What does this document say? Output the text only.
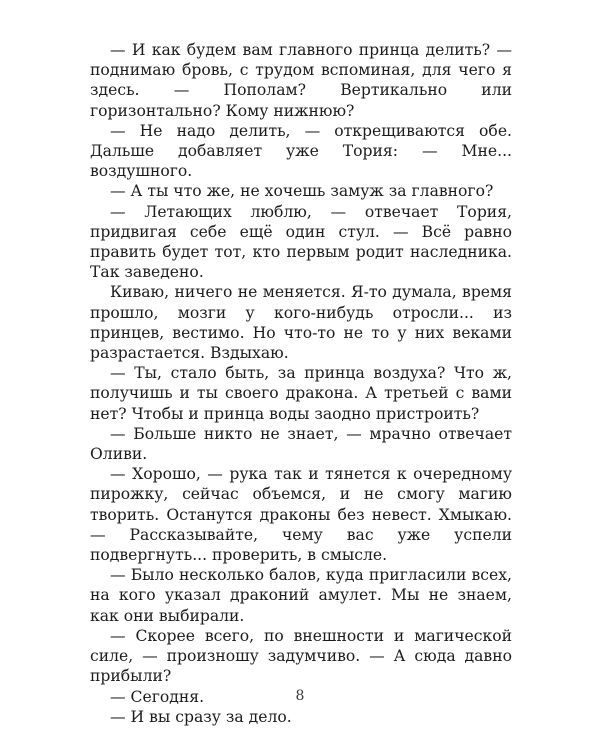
— И как будем вам главного принца делить? — поднимаю бровь, с трудом вспоминая, для чего я здесь. — Пополам? Вертикально или горизонтально? Кому нижнюю?

— Не надо делить, — открещиваются обе. Дальше добавляет уже Тория: — Мне... воздушного.

— А ты что же, не хочешь замуж за главного?

— Летающих люблю, — отвечает Тория, придвигая себе ещё один стул. — Всё равно править будет тот, кто первым родит наследника. Так заведено.

Киваю, ничего не меняется. Я-то думала, время прошло, мозги у кого-нибудь отросли... из принцев, вестимо. Но что-то не то у них веками разрастается. Вздыхаю.

— Ты, стало быть, за принца воздуха? Что ж, получишь и ты своего дракона. А третьей с вами нет? Чтобы и принца воды заодно пристроить?

— Больше никто не знает, — мрачно отвечает Оливи.

— Хорошо, — рука так и тянется к очередному пирожку, сейчас объемся, и не смогу магию творить. Останутся драконы без невест. Хмыкаю. — Рассказывайте, чему вас уже успели подвергнуть... проверить, в смысле.

— Было несколько балов, куда пригласили всех, на кого указал драконий амулет. Мы не знаем, как они выбирали.

— Скорее всего, по внешности и магической силе, — произношу задумчиво. — А сюда давно прибыли?

— Сегодня.

— И вы сразу за дело.

8
